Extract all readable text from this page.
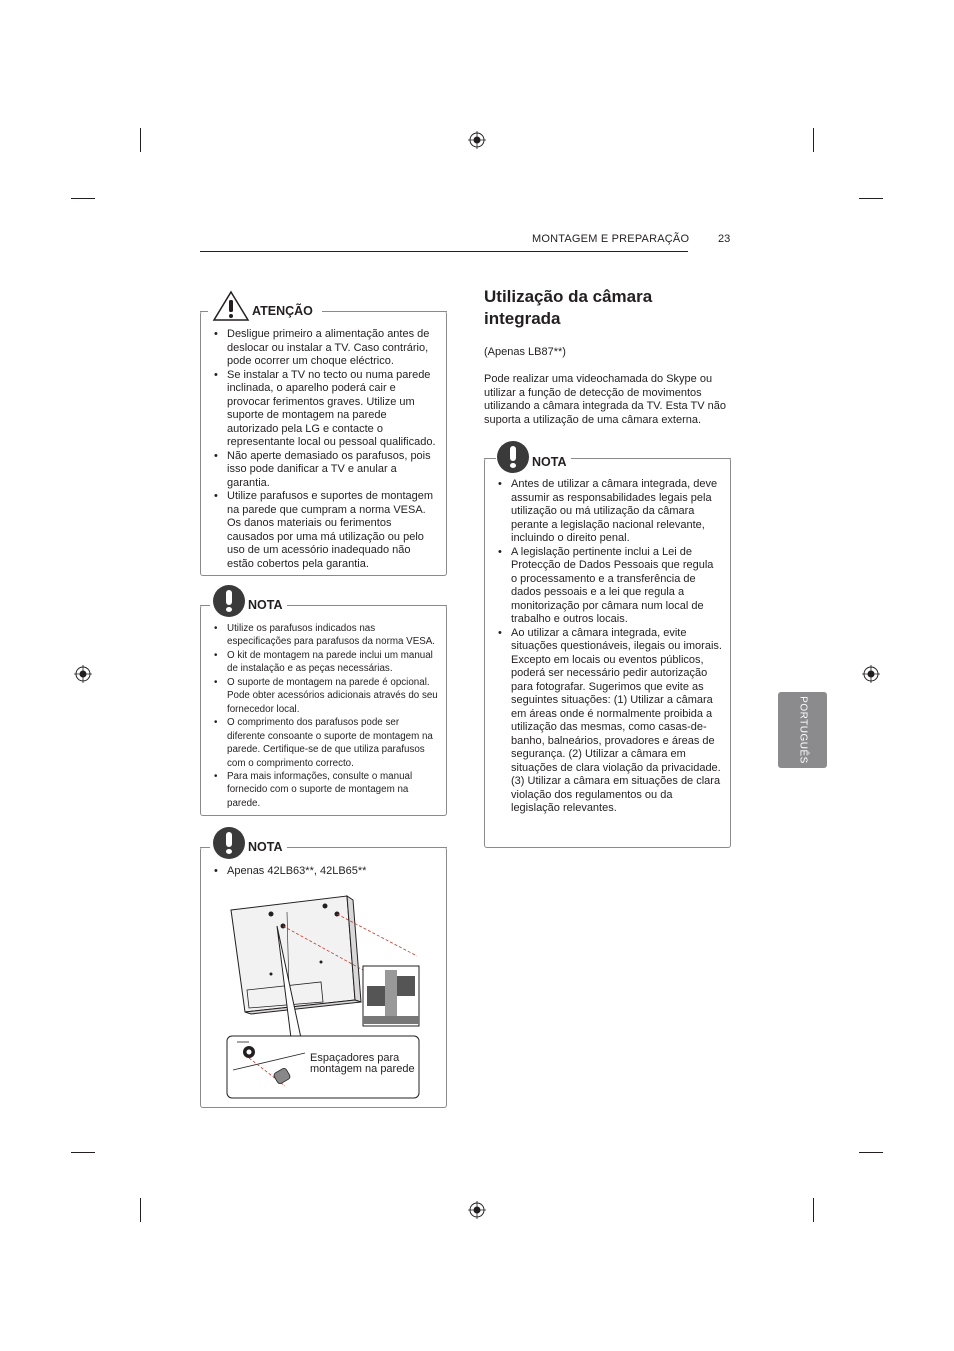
MONTAGEM E PREPARAÇÃO	23
PORTUGUÊS
ATENÇÃO
• Desligue primeiro a alimentação antes de deslocar ou instalar a TV. Caso contrário, pode ocorrer um choque eléctrico.
• Se instalar a TV no tecto ou numa parede inclinada, o aparelho poderá cair e provocar ferimentos graves. Utilize um suporte de montagem na parede autorizado pela LG e contacte o representante local ou pessoal qualificado.
• Não aperte demasiado os parafusos, pois isso pode danificar a TV e anular a garantia.
• Utilize parafusos e suportes de montagem na parede que cumpram a norma VESA. Os danos materiais ou ferimentos causados por uma má utilização ou pelo uso de um acessório inadequado não estão cobertos pela garantia.
NOTA
• Utilize os parafusos indicados nas especificações para parafusos da norma VESA.
• O kit de montagem na parede inclui um manual de instalação e as peças necessárias.
• O suporte de montagem na parede é opcional. Pode obter acessórios adicionais através do seu fornecedor local.
• O comprimento dos parafusos pode ser diferente consoante o suporte de montagem na parede. Certifique-se de que utiliza parafusos com o comprimento correcto.
• Para mais informações, consulte o manual fornecido com o suporte de montagem na parede.
NOTA
• Apenas 42LB63**, 42LB65**
Espaçadores para montagem na parede
Utilização da câmara integrada
(Apenas LB87**)
Pode realizar uma videochamada do Skype ou utilizar a função de detecção de movimentos utilizando a câmara integrada da TV. Esta TV não suporta a utilização de uma câmara externa.
NOTA
• Antes de utilizar a câmara integrada, deve assumir as responsabilidades legais pela utilização ou má utilização da câmara perante a legislação nacional relevante, incluindo o direito penal.
• A legislação pertinente inclui a Lei de Protecção de Dados Pessoais que regula o processamento e a transferência de dados pessoais e a lei que regula a monitorização por câmara num local de trabalho e outros locais.
• Ao utilizar a câmara integrada, evite situações questionáveis, ilegais ou imorais. Excepto em locais ou eventos públicos, poderá ser necessário pedir autorização para fotografar. Sugerimos que evite as seguintes situações: (1) Utilizar a câmara em áreas onde é normalmente proibida a utilização das mesmas, como casas-de-banho, balneários, provadores e áreas de segurança. (2) Utilizar a câmara em situações de clara violação da privacidade. (3) Utilizar a câmara em situações de clara violação dos regulamentos ou da legislação relevantes.
